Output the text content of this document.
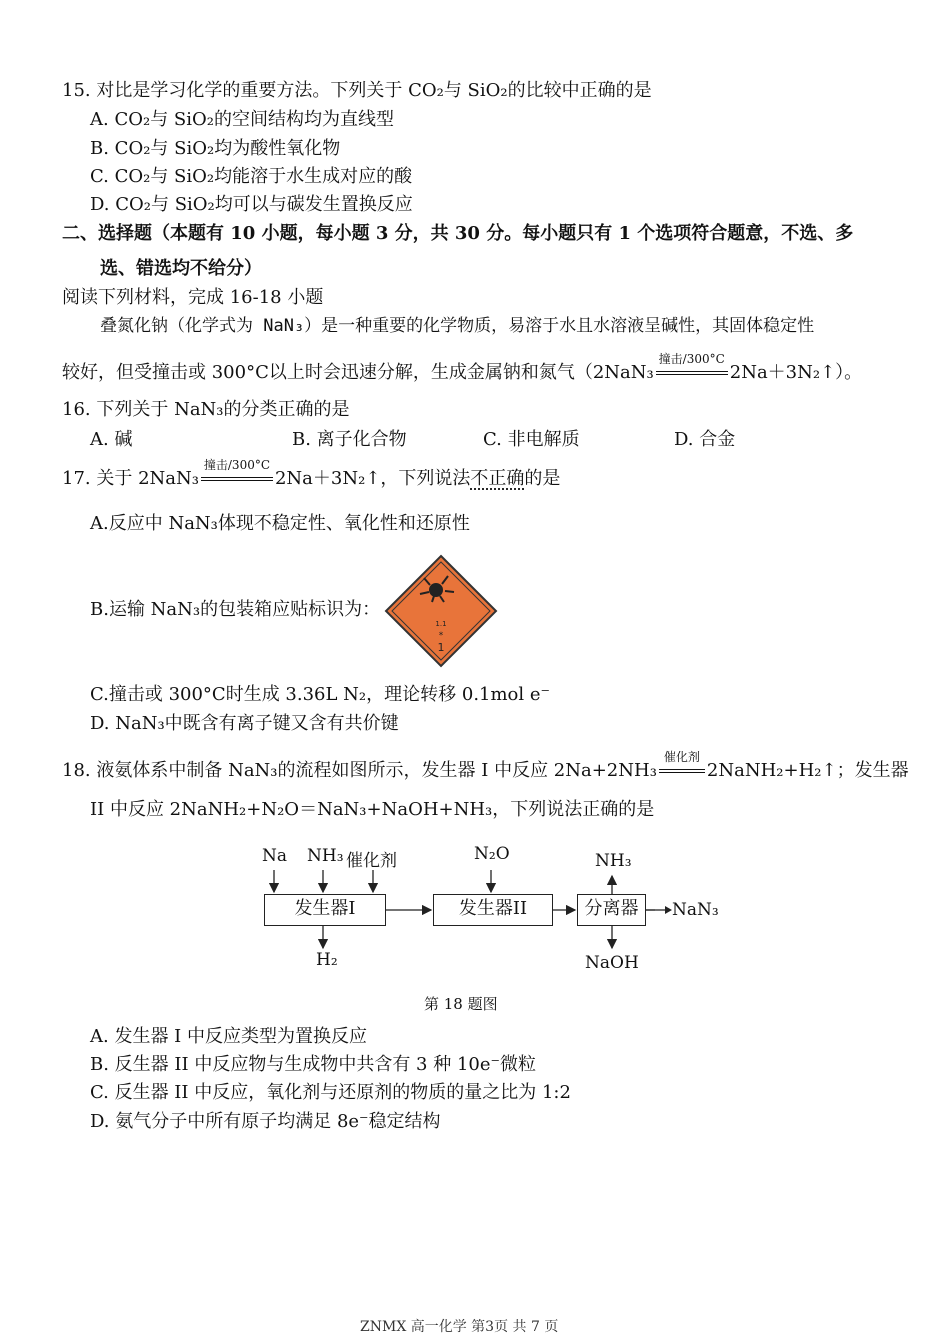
15. 对比是学习化学的重要方法。下列关于 CO₂与 SiO₂的比较中正确的是
A. CO₂与 SiO₂的空间结构均为直线型
B. CO₂与 SiO₂均为酸性氧化物
C. CO₂与 SiO₂均能溶于水生成对应的酸
D. CO₂与 SiO₂均可以与碳发生置换反应
二、选择题（本题有 10 小题，每小题 3 分，共 30 分。每小题只有 1 个选项符合题意，不选、多
选、错选均不给分）
阅读下列材料，完成 16-18 小题
叠氮化钠（化学式为 NaN₃）是一种重要的化学物质，易溶于水且水溶液呈碱性，其固体稳定性
较好，但受撞击或 300°C以上时会迅速分解，生成金属钠和氮气（2NaN₃
撞击/300°C
2Na＋3N₂↑）。
16. 下列关于 NaN₃的分类正确的是
A. 碱	B. 离子化合物	C. 非电解质	D. 合金
17. 关于 2NaN₃
撞击/300°C
2Na＋3N₂↑，下列说法不正确的是
A.反应中 NaN₃体现不稳定性、氧化性和还原性
B.运输 NaN₃的包装箱应贴标识为：
1.1
*
1
C.撞击或 300°C时生成 3.36L N₂，理论转移 0.1mol e⁻
D. NaN₃中既含有离子键又含有共价键
18. 液氨体系中制备 NaN₃的流程如图所示，发生器 I 中反应 2Na+2NH₃
催化剂
2NaNH₂+H₂↑；发生器
II 中反应 2NaNH₂+N₂O＝NaN₃+NaOH+NH₃，下列说法正确的是
Na NH₃ 催化剂	N₂O	NH₃
发生器I	发生器II	分离器	NaN₃
H₂	NaOH
第 18 题图
A. 发生器 I 中反应类型为置换反应
B. 反生器 II 中反应物与生成物中共含有 3 种 10e⁻微粒
C. 反生器 II 中反应，氧化剂与还原剂的物质的量之比为 1:2
D. 氨气分子中所有原子均满足 8e⁻稳定结构
ZNMX 高一化学 第3页 共 7 页
